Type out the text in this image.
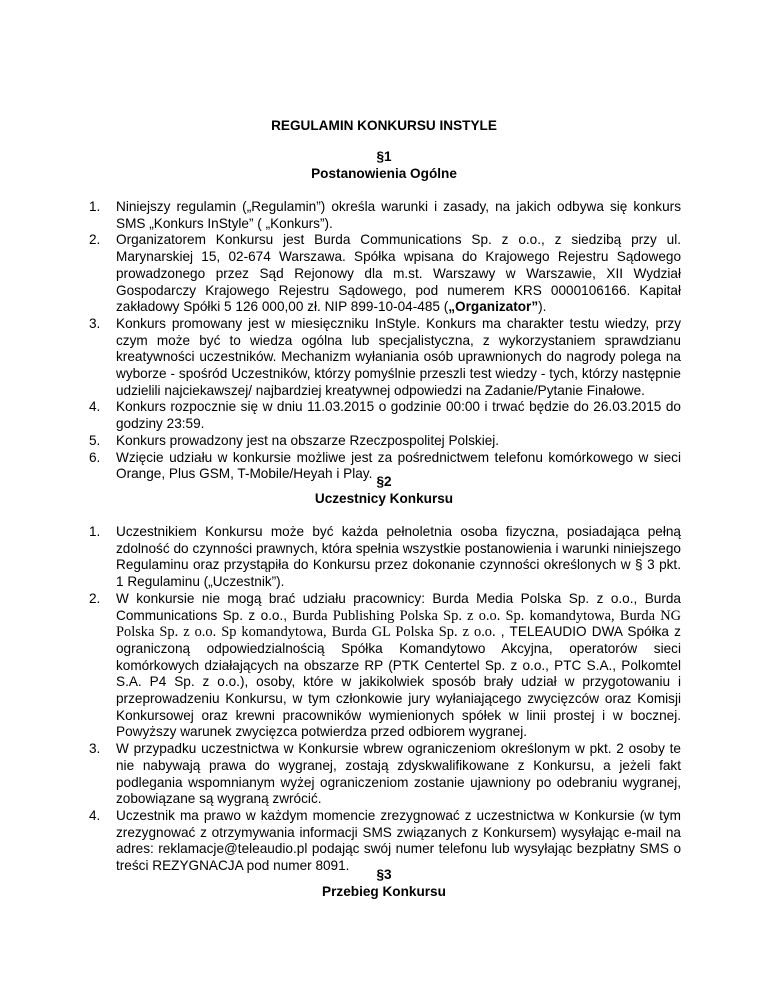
REGULAMIN KONKURSU INSTYLE
§1
Postanowienia Ogólne
1.	Niniejszy regulamin („Regulamin”) określa warunki i zasady, na jakich odbywa się konkurs SMS „Konkurs InStyle” ( „Konkurs”).
2.	Organizatorem Konkursu jest Burda Communications Sp. z o.o., z siedzibą przy ul. Marynarskiej 15, 02-674 Warszawa. Spółka wpisana do Krajowego Rejestru Sądowego prowadzonego przez Sąd Rejonowy dla m.st. Warszawy w Warszawie, XII Wydział Gospodarczy Krajowego Rejestru Sądowego, pod numerem KRS 0000106166. Kapitał zakładowy Spółki 5 126 000,00 zł. NIP 899-10-04-485 („Organizator”).
3.	Konkurs promowany jest w miesięczniku InStyle. Konkurs ma charakter testu wiedzy, przy czym może być to wiedza ogólna lub specjalistyczna, z wykorzystaniem sprawdzianu kreatywności uczestników. Mechanizm wyłaniania osób uprawnionych do nagrody polega na wyborze - spośród Uczestników, którzy pomyślnie przeszli test wiedzy - tych, którzy następnie udzielili najciekawszej/ najbardziej kreatywnej odpowiedzi na Zadanie/Pytanie Finałowe.
4.	Konkurs rozpocznie się w dniu 11.03.2015 o godzinie 00:00 i trwać będzie do 26.03.2015 do godziny 23:59.
5.	Konkurs prowadzony jest na obszarze Rzeczpospolitej Polskiej.
6.	Wzięcie udziału w konkursie możliwe jest za pośrednictwem telefonu komórkowego w sieci Orange, Plus GSM, T-Mobile/Heyah i Play.
§2
Uczestnicy Konkursu
1.	Uczestnikiem Konkursu może być każda pełnoletnia osoba fizyczna, posiadająca pełną zdolność do czynności prawnych, która spełnia wszystkie postanowienia i warunki niniejszego Regulaminu oraz przystąpiła do Konkursu przez dokonanie czynności określonych w § 3 pkt. 1 Regulaminu („Uczestnik”).
2.	W konkursie nie mogą brać udziału pracownicy: Burda Media Polska Sp. z o.o., Burda Communications Sp. z o.o., Burda Publishing Polska Sp. z o.o. Sp. komandytowa, Burda NG Polska Sp. z o.o. Sp komandytowa, Burda GL Polska Sp. z o.o. , TELEAUDIO DWA Spółka z ograniczoną odpowiedzialnością Spółka Komandytowo Akcyjna, operatorów sieci komórkowych działających na obszarze RP (PTK Centertel Sp. z o.o., PTC S.A., Polkomtel S.A. P4 Sp. z o.o.), osoby, które w jakikolwiek sposób brały udział w przygotowaniu i przeprowadzeniu Konkursu, w tym członkowie jury wyłaniającego zwycięzców oraz Komisji Konkursowej oraz krewni pracowników wymienionych spółek w linii prostej i w bocznej. Powyższy warunek zwycięzca potwierdza przed odbiorem wygranej.
3.	W przypadku uczestnictwa w Konkursie wbrew ograniczeniom określonym w pkt. 2 osoby te nie nabywają prawa do wygranej, zostają zdyskwalifikowane z Konkursu, a jeżeli fakt podlegania wspomnianym wyżej ograniczeniom zostanie ujawniony po odebraniu wygranej, zobowiązane są wygraną zwrócić.
4.	Uczestnik ma prawo w każdym momencie zrezygnować z uczestnictwa w Konkursie (w tym zrezygnować z otrzymywania informacji SMS związanych z Konkursem) wysyłając e-mail na adres: reklamacje@teleaudio.pl podając swój numer telefonu lub wysyłając bezpłatny SMS o treści REZYGNACJA pod numer 8091.
§3
Przebieg Konkursu
